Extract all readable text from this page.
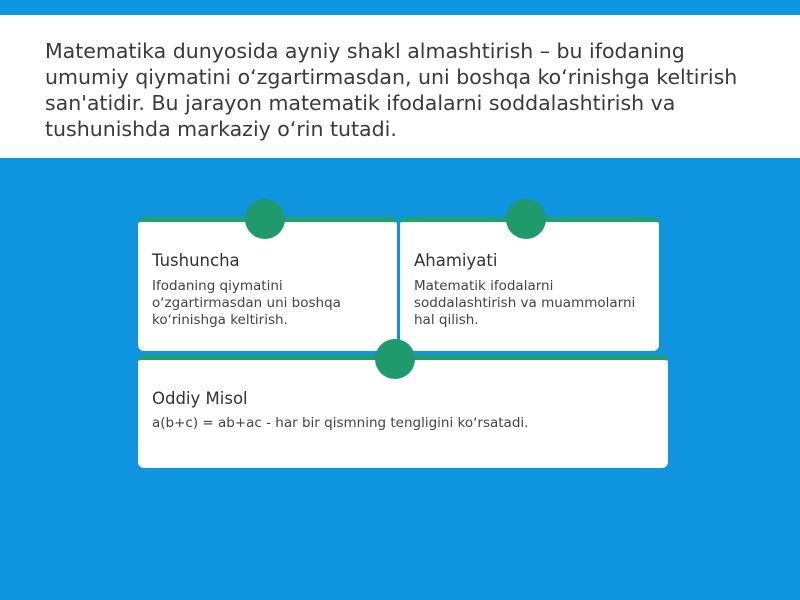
Matematika dunyosida ayniy shakl almashtirish – bu ifodaning umumiy qiymatini oʻzgartirmasdan, uni boshqa koʻrinishga keltirish san'atidir. Bu jarayon matematik ifodalarni soddalashtirish va tushunishda markaziy oʻrin tutadi.

Tushuncha

Ifodaning qiymatini oʻzgartirmasdan uni boshqa koʻrinishga keltirish.

Ahamiyati

Matematik ifodalarni soddalashtirish va muammolarni hal qilish.

Oddiy Misol

a(b+c) = ab+ac - har bir qismning tengligini koʻrsatadi.
